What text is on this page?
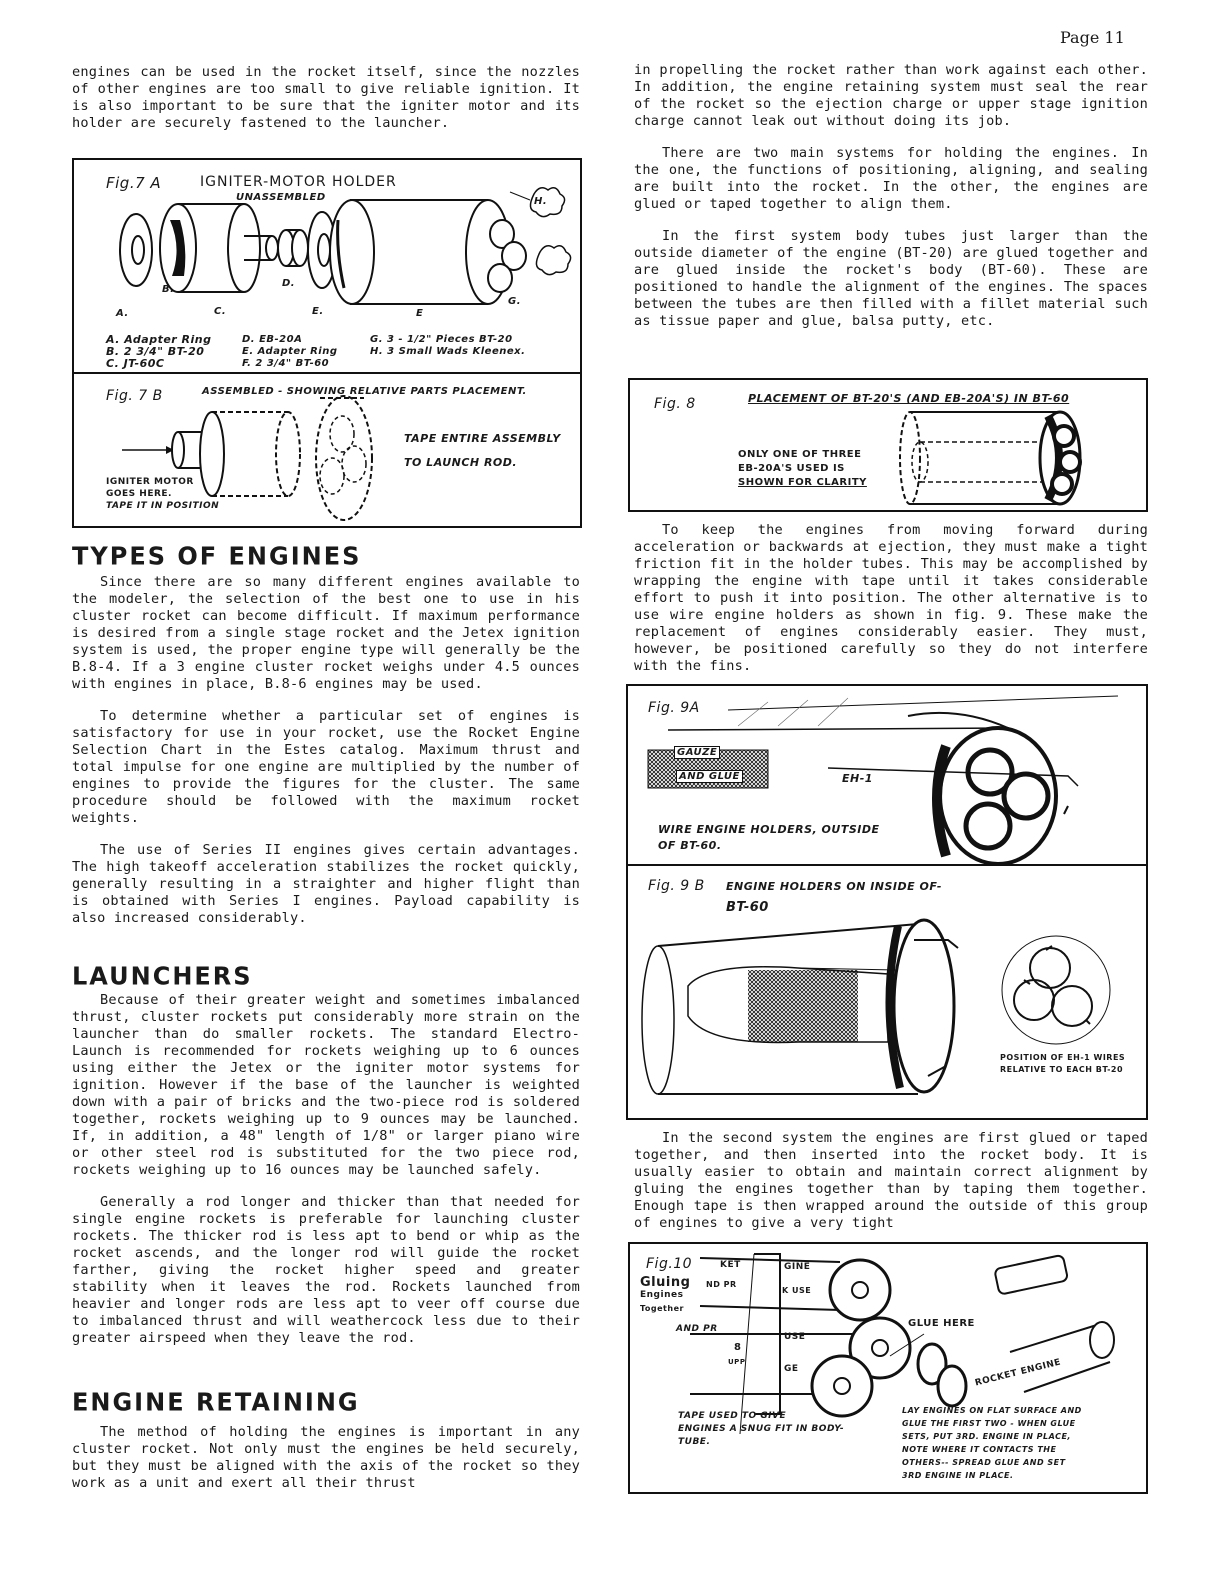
Page 11

engines can be used in the rocket itself, since the nozzles of other engines are too small to give reliable ignition. It is also important to be sure that the igniter motor and its holder are securely fastened to the launcher.

Fig.7 A	IGNITER-MOTOR HOLDER
UNASSEMBLED
A.
B.
C.
D.
E.	E
G.
H.
A. Adapter Ring
B. 2 3/4" BT-20
C. JT-60C
D. EB-20A
E. Adapter Ring
F. 2 3/4" BT-60
G. 3 - 1/2" Pieces BT-20
H. 3 Small Wads Kleenex.
Fig. 7 B	ASSEMBLED - SHOWING RELATIVE PARTS PLACEMENT.
TAPE ENTIRE ASSEMBLY
TO LAUNCH ROD.
IGNITER MOTOR
GOES HERE.
TAPE IT IN POSITION
TYPES OF ENGINES

Since there are so many different engines available to the modeler, the selection of the best one to use in his cluster rocket can become difficult. If maximum performance is desired from a single stage rocket and the Jetex ignition system is used, the proper engine type will generally be the B.8-4. If a 3 engine cluster rocket weighs under 4.5 ounces with engines in place, B.8-6 engines may be used.

To determine whether a particular set of engines is satisfactory for use in your rocket, use the Rocket Engine Selection Chart in the Estes catalog. Maximum thrust and total impulse for one engine are multiplied by the number of engines to provide the figures for the cluster. The same procedure should be followed with the maximum rocket weights.

The use of Series II engines gives certain advantages. The high takeoff acceleration stabilizes the rocket quickly, generally resulting in a straighter and higher flight than is obtained with Series I engines. Payload capability is also increased considerably.

LAUNCHERS

Because of their greater weight and sometimes imbalanced thrust, cluster rockets put considerably more strain on the launcher than do smaller rockets. The standard Electro-Launch is recommended for rockets weighing up to 6 ounces using either the Jetex or the igniter motor systems for ignition. However if the base of the launcher is weighted down with a pair of bricks and the two-piece rod is soldered together, rockets weighing up to 9 ounces may be launched. If, in addition, a 48" length of 1/8" or larger piano wire or other steel rod is substituted for the two piece rod, rockets weighing up to 16 ounces may be launched safely.

Generally a rod longer and thicker than that needed for single engine rockets is preferable for launching cluster rockets. The thicker rod is less apt to bend or whip as the rocket ascends, and the longer rod will guide the rocket farther, giving the rocket higher speed and greater stability when it leaves the rod. Rockets launched from heavier and longer rods are less apt to veer off course due to imbalanced thrust and will weathercock less due to their greater airspeed when they leave the rod.

ENGINE RETAINING

The method of holding the engines is important in any cluster rocket. Not only must the engines be held securely, but they must be aligned with the axis of the rocket so they work as a unit and exert all their thrust

in propelling the rocket rather than work against each other. In addition, the engine retaining system must seal the rear of the rocket so the ejection charge or upper stage ignition charge cannot leak out without doing its job.

There are two main systems for holding the engines. In the one, the functions of positioning, aligning, and sealing are built into the rocket. In the other, the engines are glued or taped together to align them.

In the first system body tubes just larger than the outside diameter of the engine (BT-20) are glued together and are glued inside the rocket's body (BT-60). These are positioned to handle the alignment of the engines. The spaces between the tubes are then filled with a fillet material such as tissue paper and glue, balsa putty, etc.

Fig. 8	PLACEMENT OF BT-20'S (AND EB-20A'S) IN BT-60
ONLY ONE OF THREE
EB-20A'S USED IS
SHOWN FOR CLARITY

To keep the engines from moving forward during acceleration or backwards at ejection, they must make a tight friction fit in the holder tubes. This may be accomplished by wrapping the engine with tape until it takes considerable effort to push it into position. The other alternative is to use wire engine holders as shown in fig. 9. These make the replacement of engines considerably easier. They must, however, be positioned carefully so they do not interfere with the fins.

Fig. 9A
GAUZE
AND GLUE	EH-1
WIRE ENGINE HOLDERS, OUTSIDE
OF BT-60.
Fig. 9 B ENGINE HOLDERS ON INSIDE OF-
BT-60
POSITION OF EH-1 WIRES
RELATIVE TO EACH BT-20

In the second system the engines are first glued or taped together, and then inserted into the rocket body. It is usually easier to obtain and maintain correct alignment by gluing the engines together than by taping them together. Enough tape is then wrapped around the outside of this group of engines to give a very tight

Fig.10
Gluing
Engines
Together
KET	GINE
ND PR
K USE
AND PR
USE
8
UPP
GE
GLUE HERE
ROCKET ENGINE
TAPE USED TO GIVE
ENGINES A SNUG FIT IN BODY-
TUBE.
LAY ENGINES ON FLAT SURFACE AND
GLUE THE FIRST TWO - WHEN GLUE
SETS, PUT 3RD. ENGINE IN PLACE,
NOTE WHERE IT CONTACTS THE
OTHERS-- SPREAD GLUE AND SET
3RD ENGINE IN PLACE.
